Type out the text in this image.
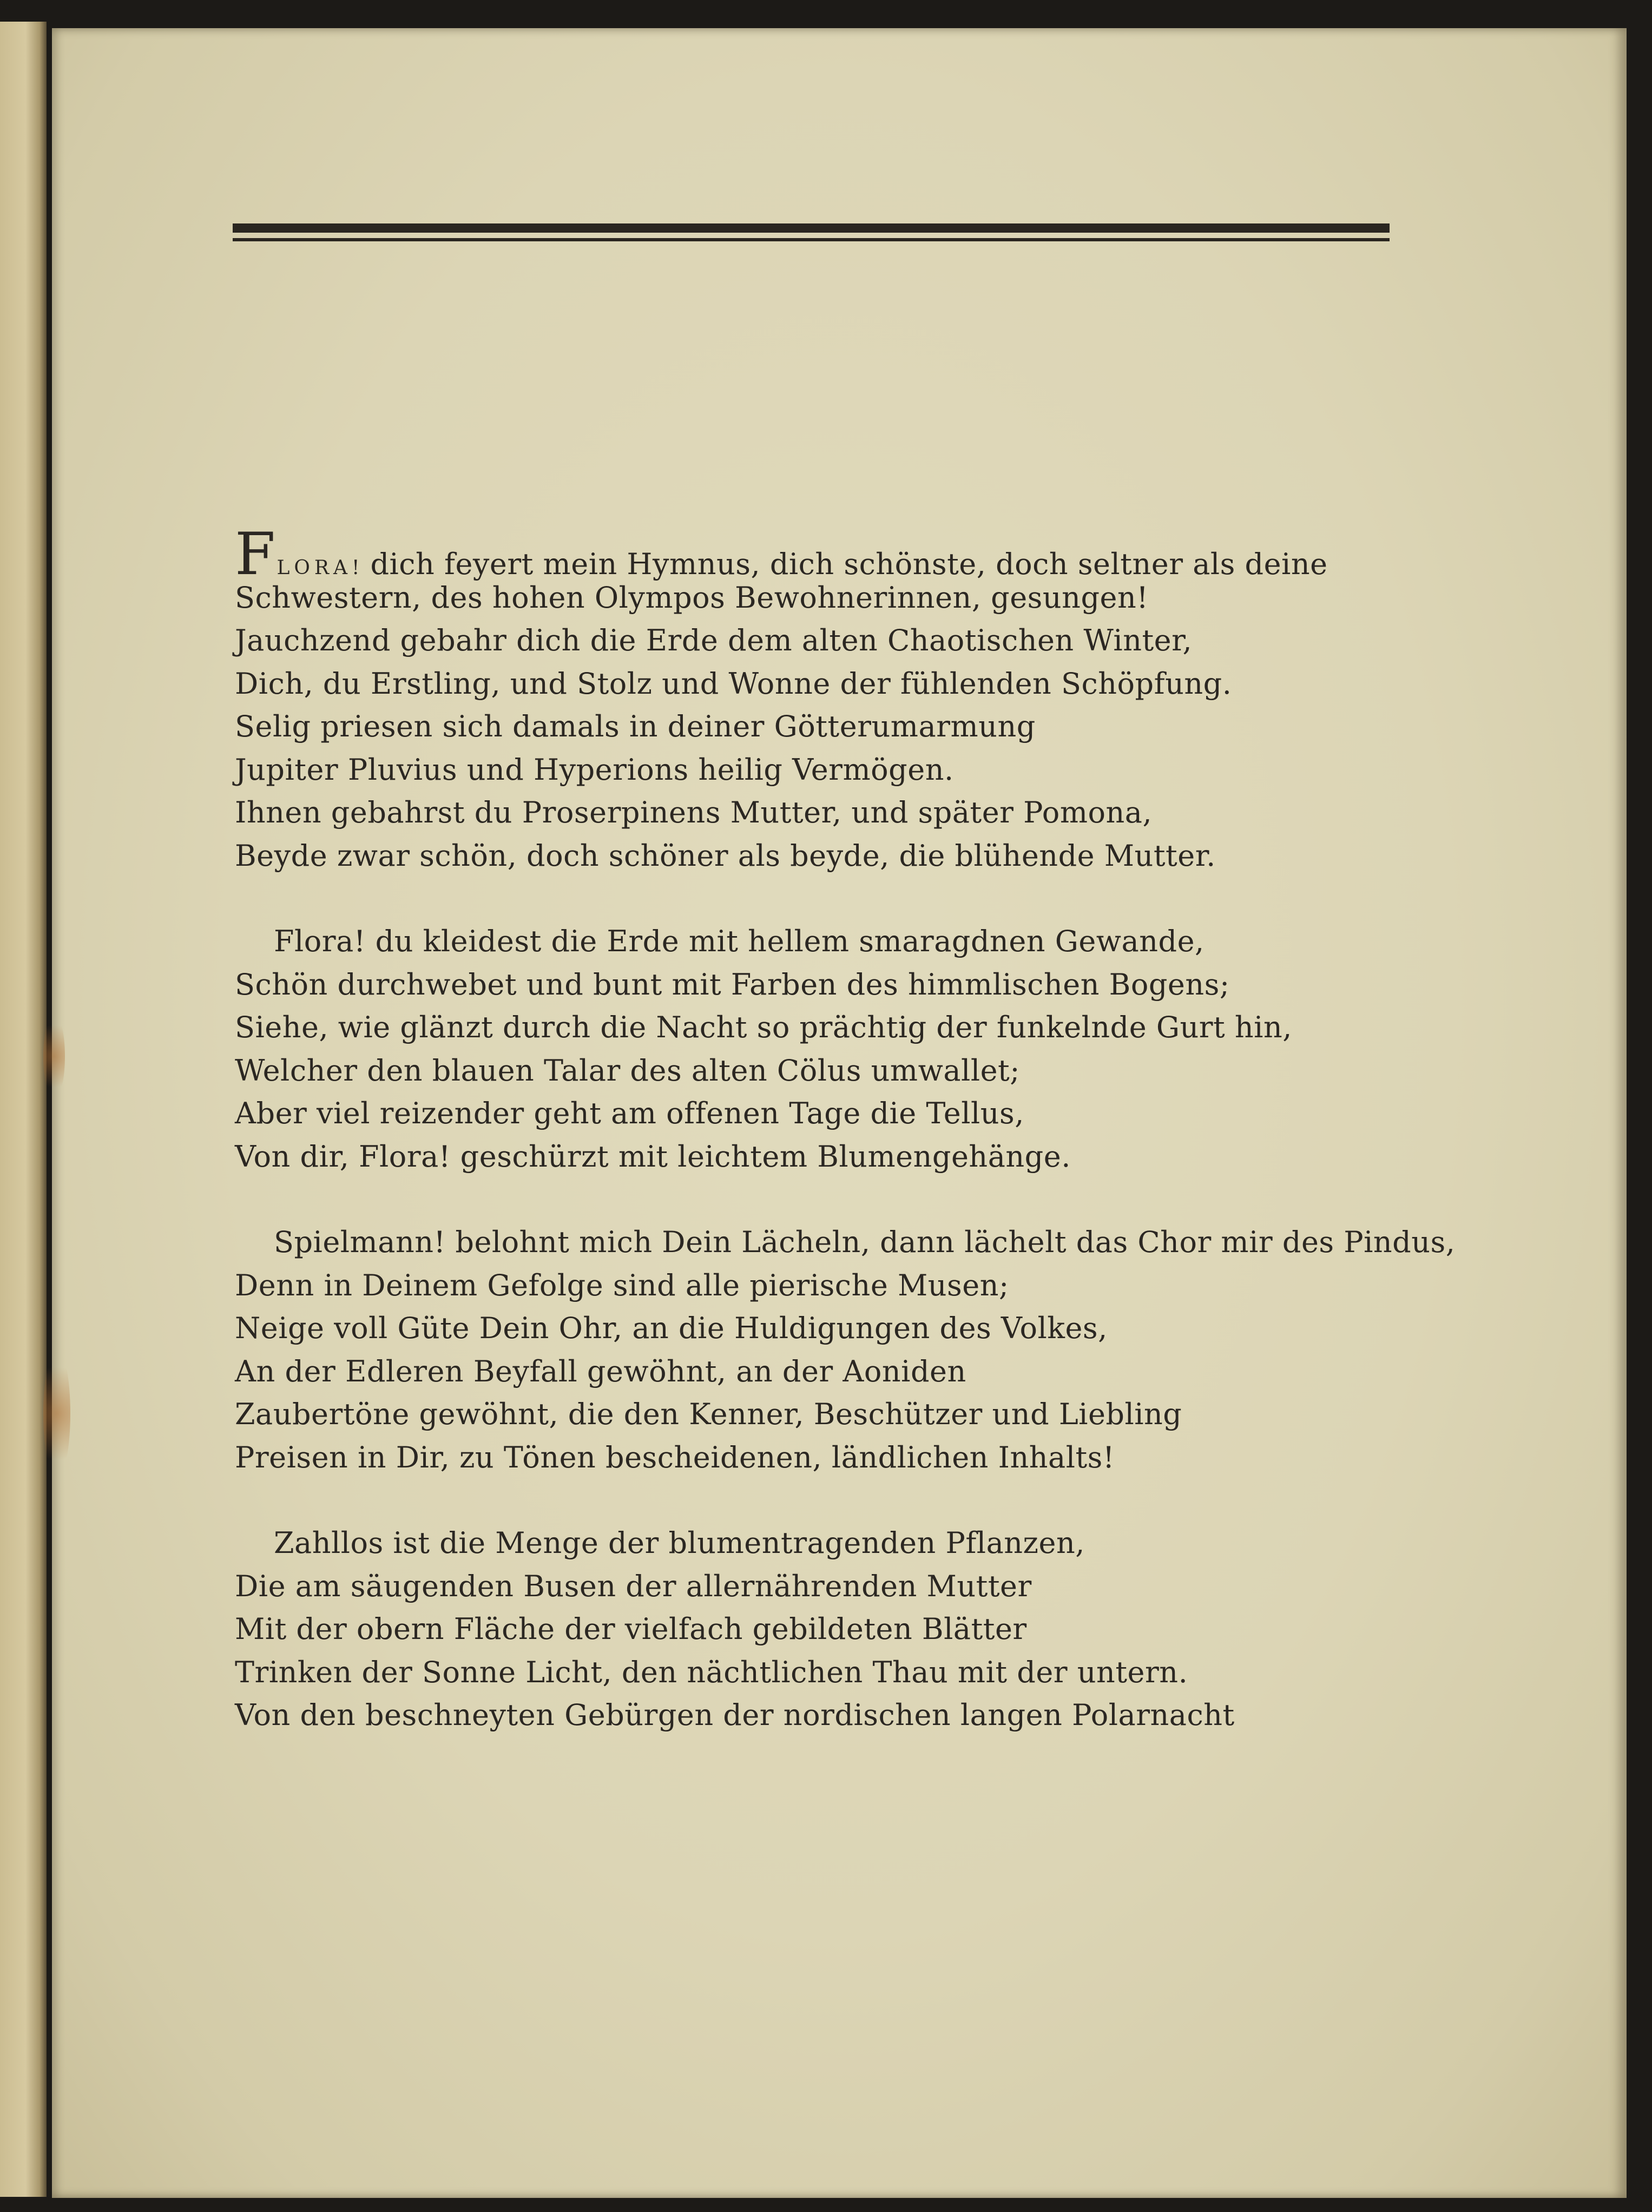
FLORA! dich feyert mein Hymnus, dich schönste, doch seltner als deine
Schwestern, des hohen Olympos Bewohnerinnen, gesungen!
Jauchzend gebahr dich die Erde dem alten Chaotischen Winter,
Dich, du Erstling, und Stolz und Wonne der fühlenden Schöpfung.
Selig priesen sich damals in deiner Götterumarmung
Jupiter Pluvius und Hyperions heilig Vermögen.
Ihnen gebahrst du Proserpinens Mutter, und später Pomona,
Beyde zwar schön, doch schöner als beyde, die blühende Mutter.
Flora! du kleidest die Erde mit hellem smaragdnen Gewande,
Schön durchwebet und bunt mit Farben des himmlischen Bogens;
Siehe, wie glänzt durch die Nacht so prächtig der funkelnde Gurt hin,
Welcher den blauen Talar des alten Cölus umwallet;
Aber viel reizender geht am offenen Tage die Tellus,
Von dir, Flora! geschürzt mit leichtem Blumengehänge.
Spielmann! belohnt mich Dein Lächeln, dann lächelt das Chor mir des Pindus,
Denn in Deinem Gefolge sind alle pierische Musen;
Neige voll Güte Dein Ohr, an die Huldigungen des Volkes,
An der Edleren Beyfall gewöhnt, an der Aoniden
Zaubertöne gewöhnt, die den Kenner, Beschützer und Liebling
Preisen in Dir, zu Tönen bescheidenen, ländlichen Inhalts!
Zahllos ist die Menge der blumentragenden Pflanzen,
Die am säugenden Busen der allernährenden Mutter
Mit der obern Fläche der vielfach gebildeten Blätter
Trinken der Sonne Licht, den nächtlichen Thau mit der untern.
Von den beschneyten Gebürgen der nordischen langen Polarnacht
